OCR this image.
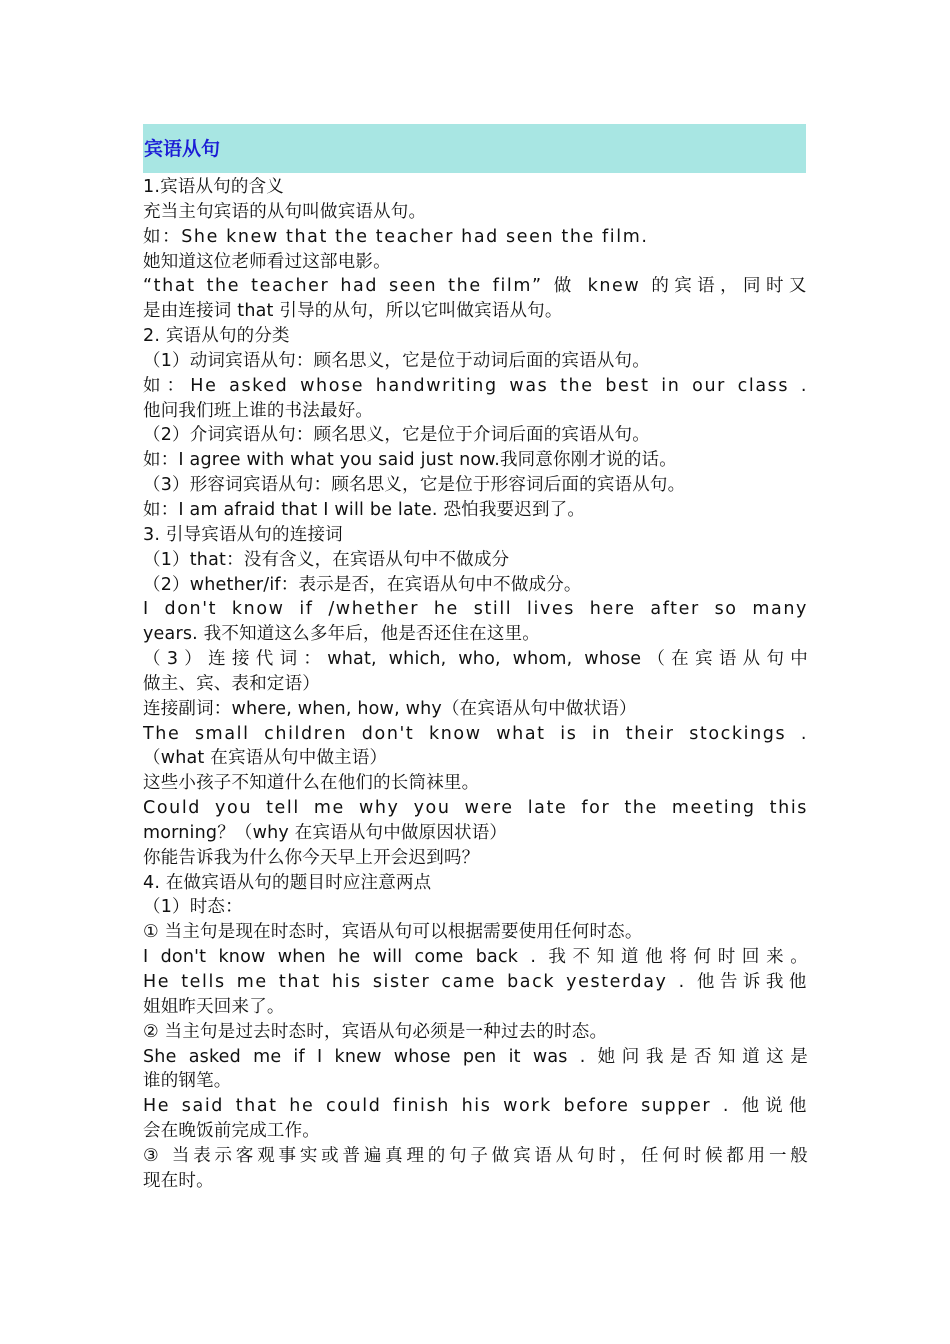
宾语从句
1.宾语从句的含义
充当主句宾语的从句叫做宾语从句。
如：She knew that the teacher had seen the film.
她知道这位老师看过这部电影。
“that the teacher had seen the film” 做 knew 的宾语，同时又
是由连接词 that 引导的从句，所以它叫做宾语从句。
2. 宾语从句的分类
（1）动词宾语从句：顾名思义，它是位于动词后面的宾语从句。
如：He asked whose handwriting was the best in our class .
他问我们班上谁的书法最好。
（2）介词宾语从句：顾名思义，它是位于介词后面的宾语从句。
如：I agree with what you said just now.我同意你刚才说的话。
（3）形容词宾语从句：顾名思义，它是位于形容词后面的宾语从句。
如：I am afraid that I will be late. 恐怕我要迟到了。
3. 引导宾语从句的连接词
（1）that：没有含义，在宾语从句中不做成分
（2）whether/if：表示是否，在宾语从句中不做成分。
I don't know if /whether he still lives here after so many
years. 我不知道这么多年后，他是否还住在这里。
（3）连接代词：what, which, who, whom, whose（在宾语从句中
做主、宾、表和定语）
连接副词：where, when, how, why（在宾语从句中做状语）
The small children don't know what is in their stockings .
（what 在宾语从句中做主语）
这些小孩子不知道什么在他们的长筒袜里。
Could you tell me why you were late for the meeting this
morning？（why 在宾语从句中做原因状语）
你能告诉我为什么你今天早上开会迟到吗？
4. 在做宾语从句的题目时应注意两点
（1）时态：
① 当主句是现在时态时，宾语从句可以根据需要使用任何时态。
I don't know when he will come back . 我不知道他将何时回来。
He tells me that his sister came back yesterday . 他告诉我他
姐姐昨天回来了。
② 当主句是过去时态时，宾语从句必须是一种过去的时态。
She asked me if I knew whose pen it was . 她问我是否知道这是
谁的钢笔。
He said that he could finish his work before supper . 他说他
会在晚饭前完成工作。
③ 当表示客观事实或普遍真理的句子做宾语从句时，任何时候都用一般
现在时。
